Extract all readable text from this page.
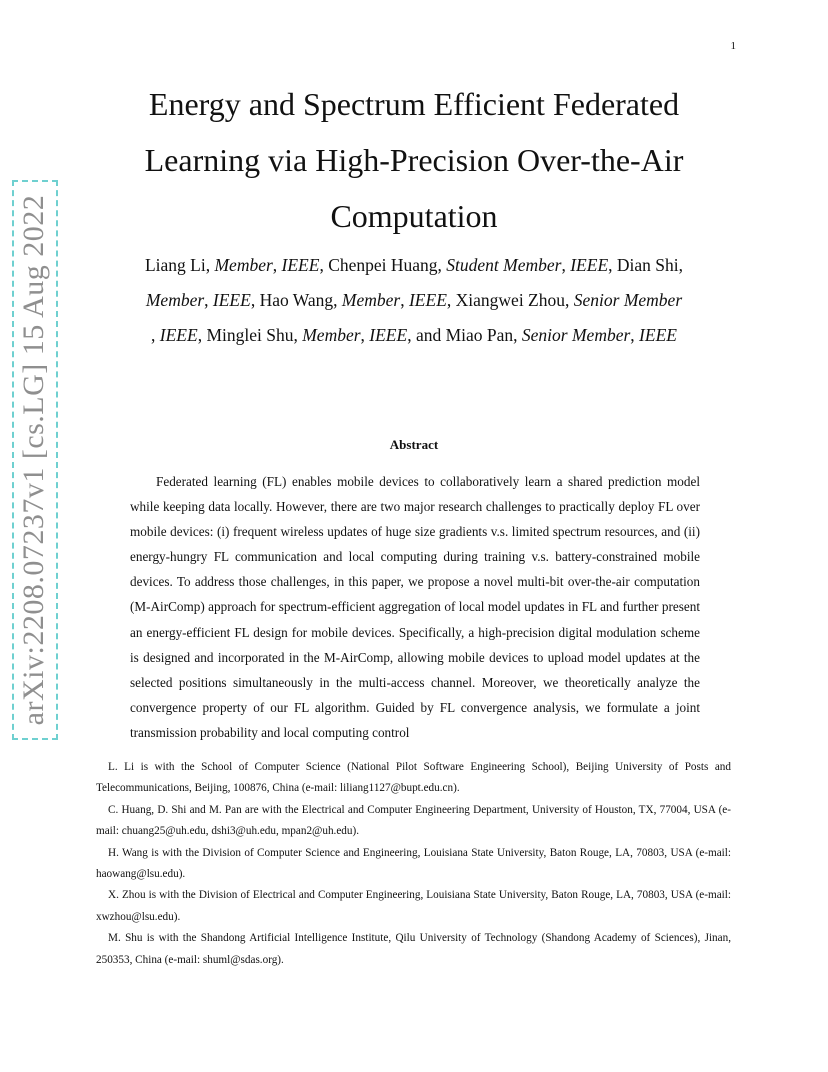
1
arXiv:2208.07237v1 [cs.LG] 15 Aug 2022
Energy and Spectrum Efficient Federated
Learning via High-Precision Over-the-Air
Computation
Liang Li, Member, IEEE, Chenpei Huang, Student Member, IEEE, Dian Shi,
Member, IEEE, Hao Wang, Member, IEEE, Xiangwei Zhou, Senior Member
, IEEE, Minglei Shu, Member, IEEE, and Miao Pan, Senior Member, IEEE
Abstract

Federated learning (FL) enables mobile devices to collaboratively learn a shared prediction model while keeping data locally. However, there are two major research challenges to practically deploy FL over mobile devices: (i) frequent wireless updates of huge size gradients v.s. limited spectrum resources, and (ii) energy-hungry FL communication and local computing during training v.s. battery-constrained mobile devices. To address those challenges, in this paper, we propose a novel multi-bit over-the-air computation (M-AirComp) approach for spectrum-efficient aggregation of local model updates in FL and further present an energy-efficient FL design for mobile devices. Specifically, a high-precision digital modulation scheme is designed and incorporated in the M-AirComp, allowing mobile devices to upload model updates at the selected positions simultaneously in the multi-access channel. Moreover, we theoretically analyze the convergence property of our FL algorithm. Guided by FL convergence analysis, we formulate a joint transmission probability and local computing control

L. Li is with the School of Computer Science (National Pilot Software Engineering School), Beijing University of Posts and Telecommunications, Beijing, 100876, China (e-mail: liliang1127@bupt.edu.cn).

C. Huang, D. Shi and M. Pan are with the Electrical and Computer Engineering Department, University of Houston, TX, 77004, USA (e-mail: chuang25@uh.edu, dshi3@uh.edu, mpan2@uh.edu).

H. Wang is with the Division of Computer Science and Engineering, Louisiana State University, Baton Rouge, LA, 70803, USA (e-mail: haowang@lsu.edu).

X. Zhou is with the Division of Electrical and Computer Engineering, Louisiana State University, Baton Rouge, LA, 70803, USA (e-mail: xwzhou@lsu.edu).

M. Shu is with the Shandong Artificial Intelligence Institute, Qilu University of Technology (Shandong Academy of Sciences), Jinan, 250353, China (e-mail: shuml@sdas.org).
